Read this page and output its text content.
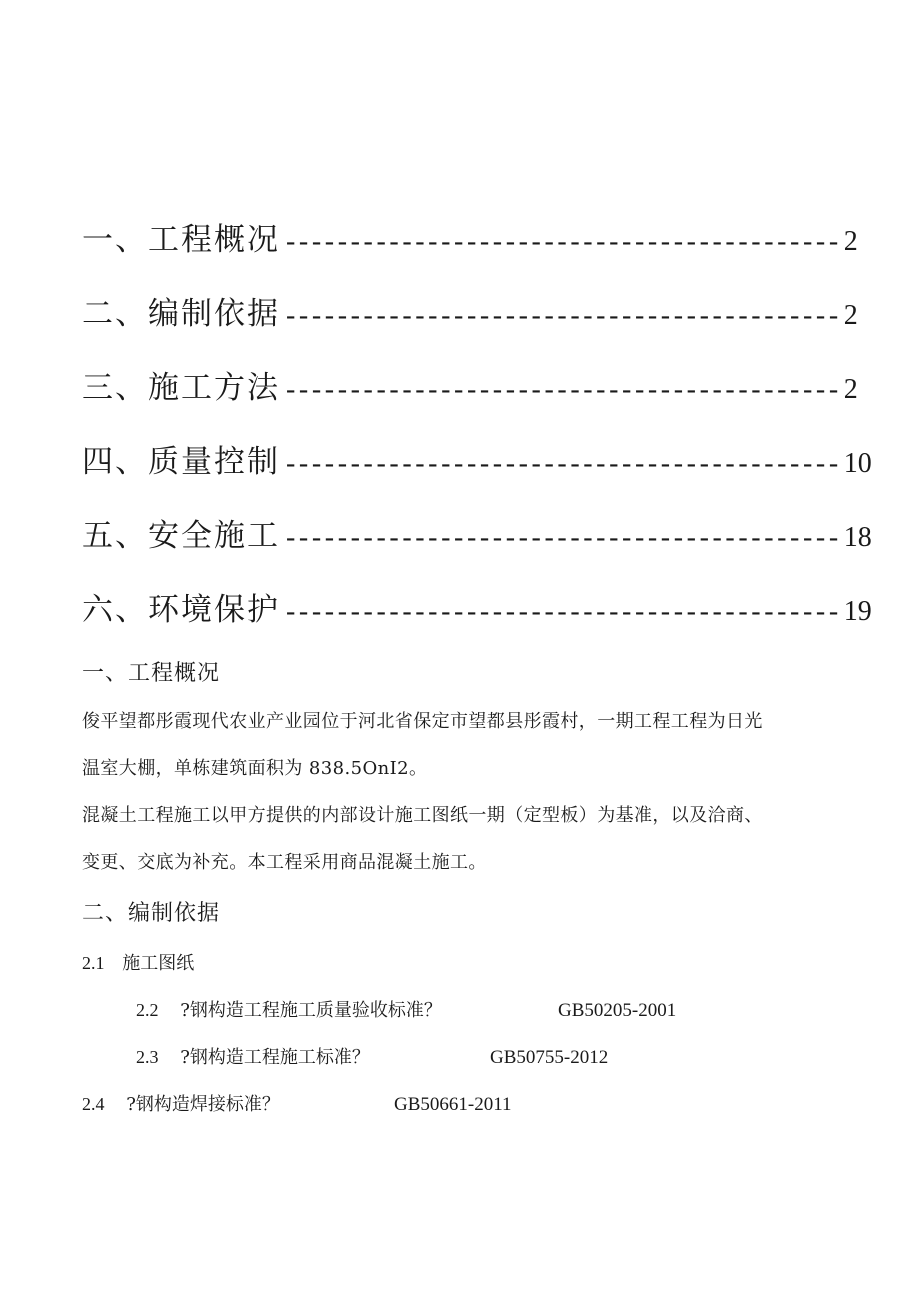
一、工程概况 ------------------------------------------- 2
二、编制依据 ------------------------------------------- 2
三、施工方法 ------------------------------------------- 2
四、质量控制 ------------------------------------------- 10
五、安全施工 ------------------------------------------- 18
六、环境保护 ------------------------------------------- 19
一、工程概况

俊平望都彤霞现代农业产业园位于河北省保定市望都县彤霞村，一期工程工程为日光

温室大棚，单栋建筑面积为 838.5OnI2。

混凝土工程施工以甲方提供的内部设计施工图纸一期（定型板）为基准，以及洽商、

变更、交底为补充。本工程采用商品混凝土施工。

二、编制依据
2.1 施工图纸
2.2 ?钢构造工程施工质量验收标准？	GB50205-2001
2.3 ?钢构造工程施工标准？	GB50755-2012
2.4 ?钢构造焊接标准？	GB50661-2011
